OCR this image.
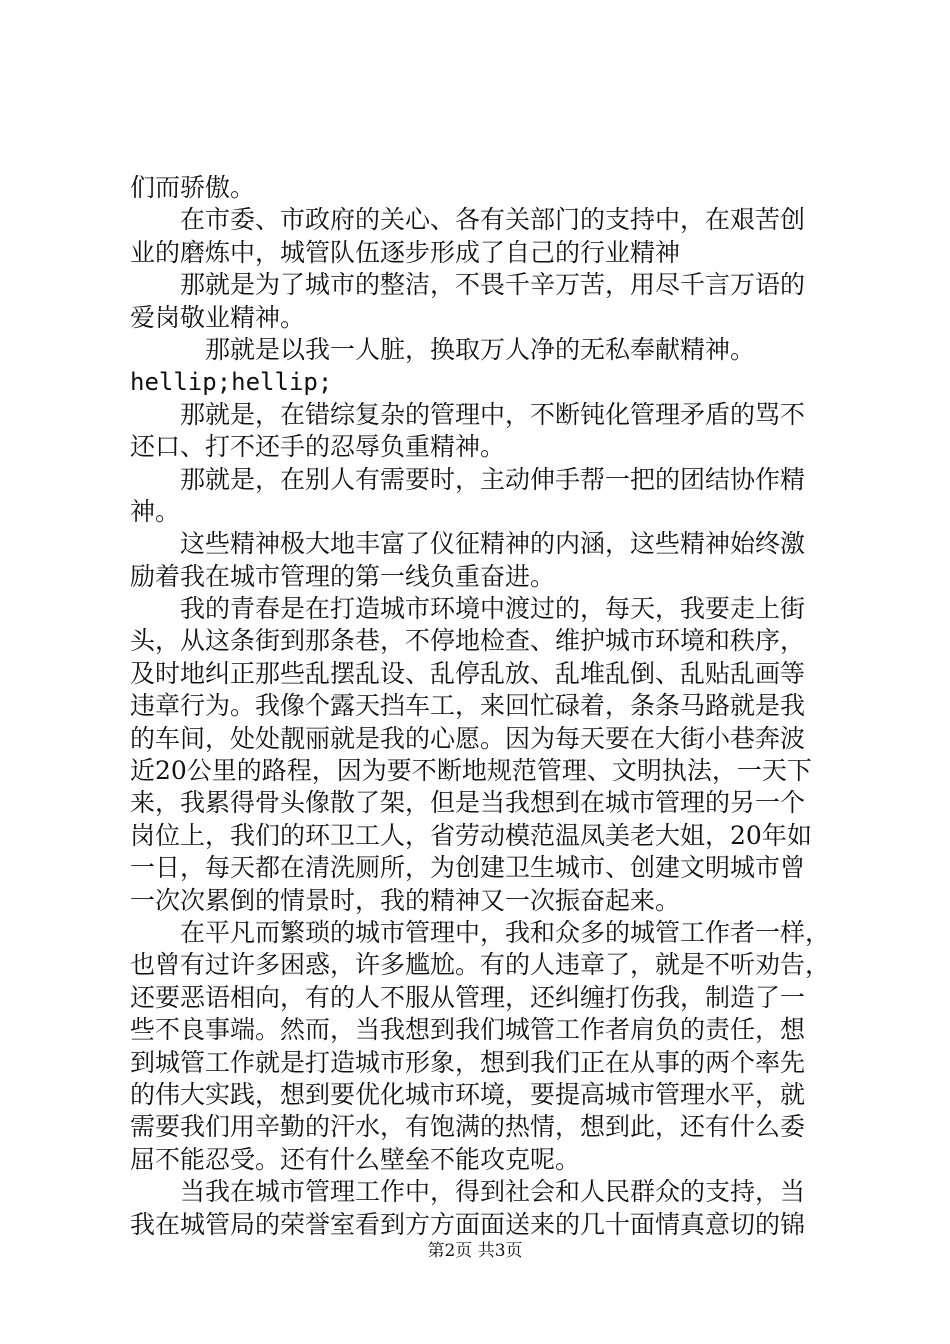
们而骄傲。
在市委、市政府的关心、各有关部门的支持中，在艰苦创
业的磨炼中，城管队伍逐步形成了自己的行业精神
那就是为了城市的整洁，不畏千辛万苦，用尽千言万语的
爱岗敬业精神。
那就是以我一人脏，换取万人净的无私奉献精神。
hellip;hellip;
那就是，在错综复杂的管理中，不断钝化管理矛盾的骂不
还口、打不还手的忍辱负重精神。
那就是，在别人有需要时，主动伸手帮一把的团结协作精
神。
这些精神极大地丰富了仪征精神的内涵，这些精神始终激
励着我在城市管理的第一线负重奋进。
我的青春是在打造城市环境中渡过的，每天，我要走上街
头，从这条街到那条巷，不停地检查、维护城市环境和秩序，
及时地纠正那些乱摆乱设、乱停乱放、乱堆乱倒、乱贴乱画等
违章行为。我像个露天挡车工，来回忙碌着，条条马路就是我
的车间，处处靓丽就是我的心愿。因为每天要在大街小巷奔波
近20公里的路程，因为要不断地规范管理、文明执法，一天下
来，我累得骨头像散了架，但是当我想到在城市管理的另一个
岗位上，我们的环卫工人，省劳动模范温凤美老大姐，20年如
一日，每天都在清洗厕所，为创建卫生城市、创建文明城市曾
一次次累倒的情景时，我的精神又一次振奋起来。
在平凡而繁琐的城市管理中，我和众多的城管工作者一样，
也曾有过许多困惑，许多尴尬。有的人违章了，就是不听劝告，
还要恶语相向，有的人不服从管理，还纠缠打伤我，制造了一
些不良事端。然而，当我想到我们城管工作者肩负的责任，想
到城管工作就是打造城市形象，想到我们正在从事的两个率先
的伟大实践，想到要优化城市环境，要提高城市管理水平，就
需要我们用辛勤的汗水，有饱满的热情，想到此，还有什么委
屈不能忍受。还有什么壁垒不能攻克呢。
当我在城市管理工作中，得到社会和人民群众的支持，当
我在城管局的荣誉室看到方方面面送来的几十面情真意切的锦
第2页 共3页
